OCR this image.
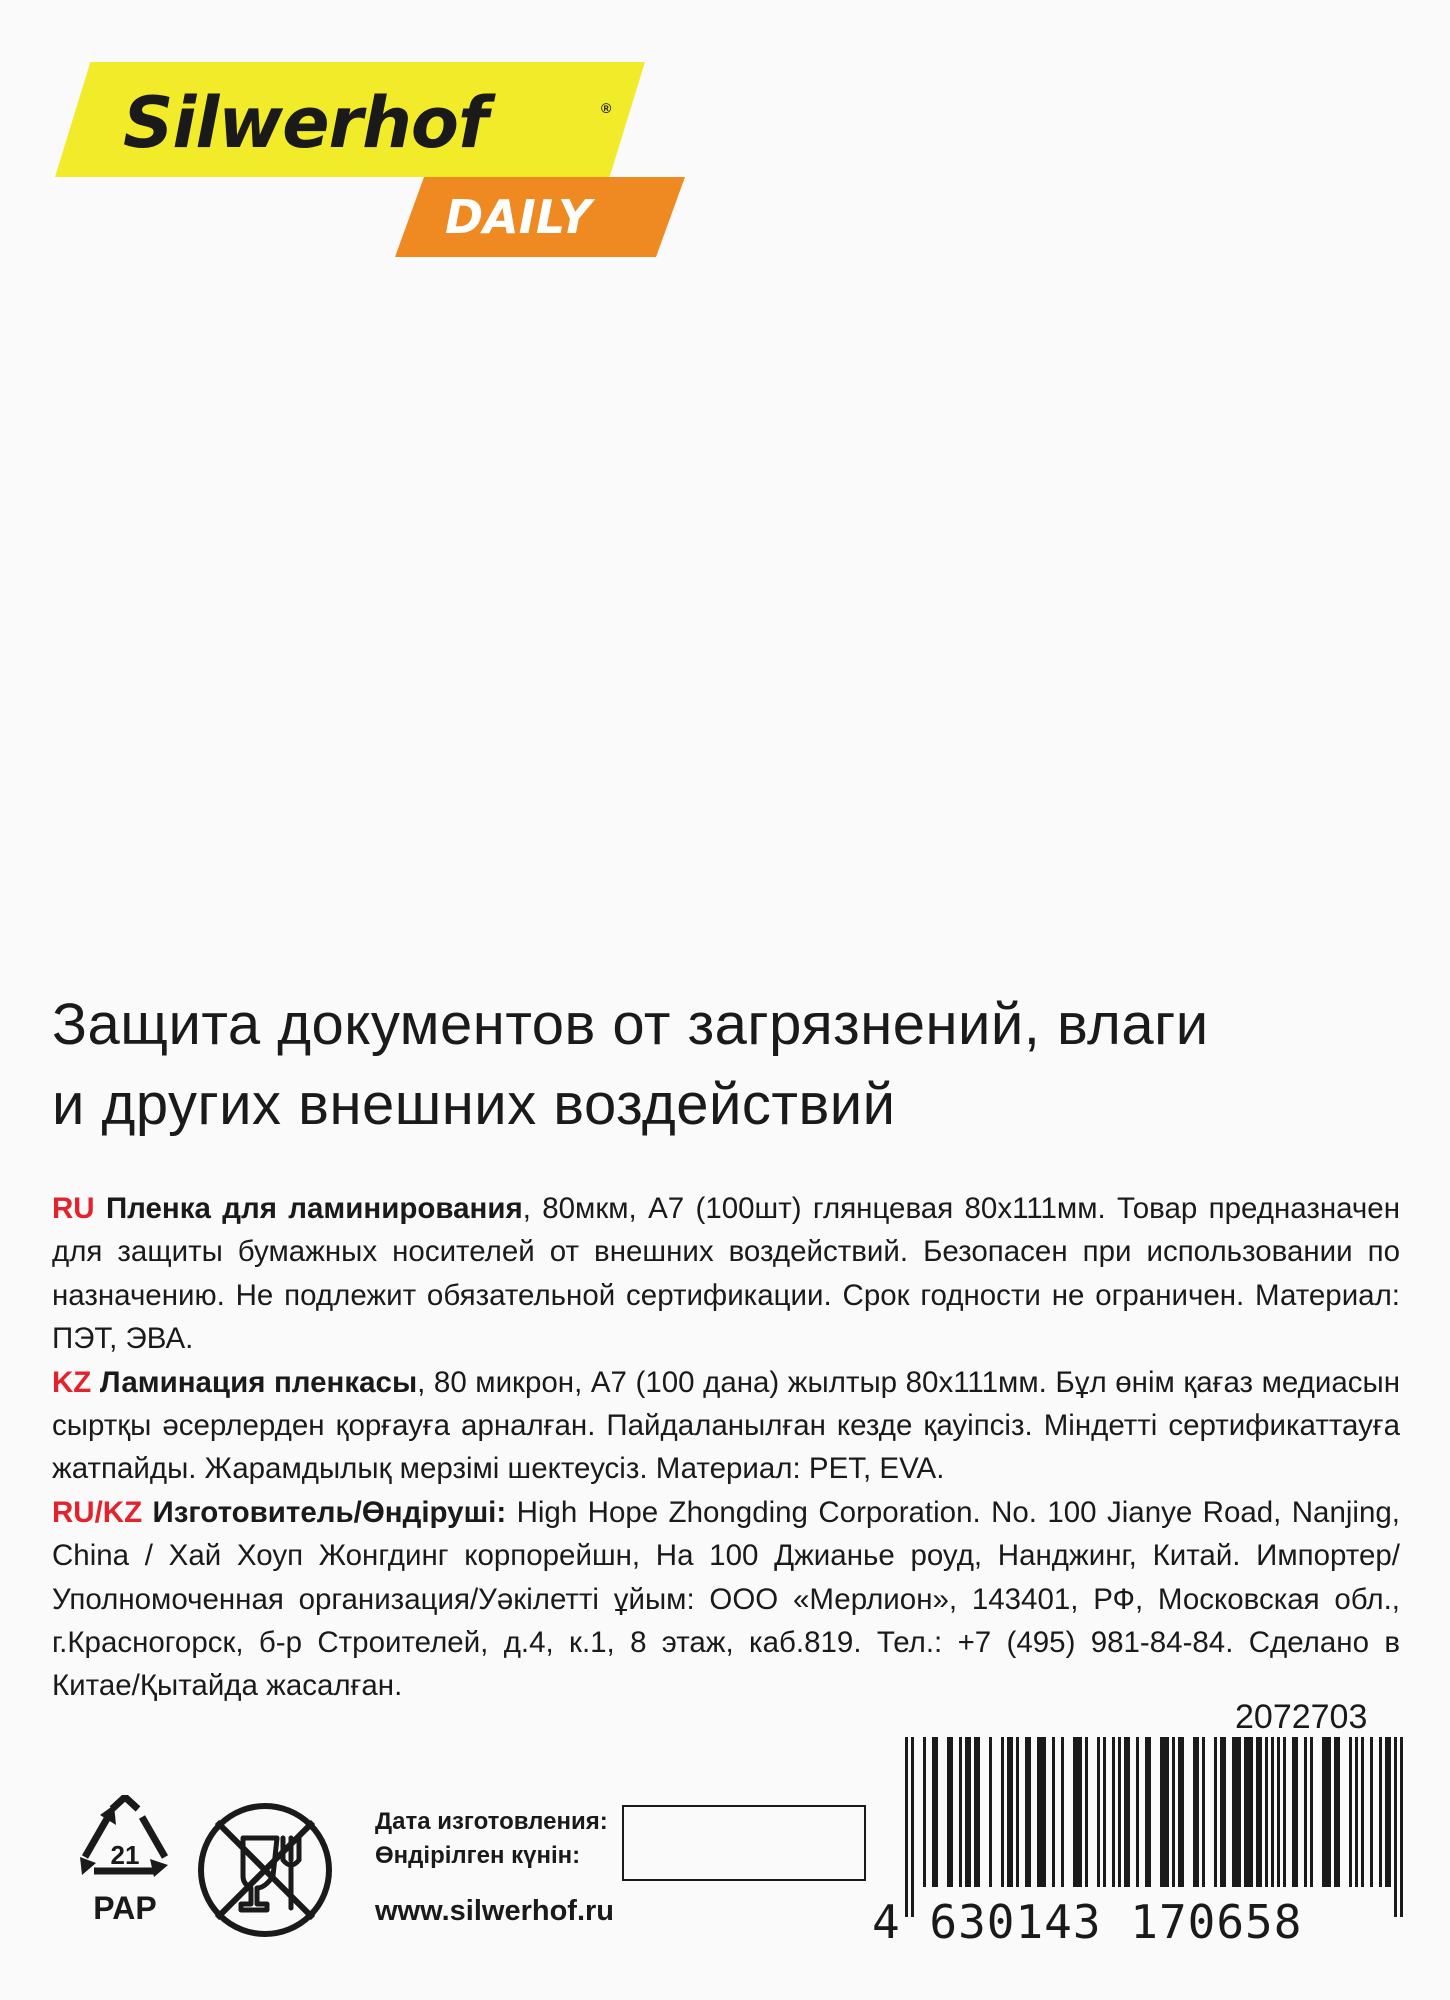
Silwerhof	®
DAILY
Защита документов от загрязнений, влаги
и других внешних воздействий

RU Пленка для ламинирования, 80мкм, А7 (100шт) глянцевая 80х111мм. Товар предназначен для защиты бумажных носителей от внешних воздействий. Безопасен при использовании по назначению. Не подлежит обязательной сертификации. Срок годности не ограничен. Материал: ПЭТ, ЭВА.

KZ Ламинация пленкасы, 80 микрон, А7 (100 дана) жылтыр 80х111мм. Бұл өнім қағаз медиасын сыртқы әсерлерден қорғауға арналған. Пайдаланылған кезде қауіпсіз. Міндетті сертификаттауға жатпайды. Жарамдылық мерзімі шектеусіз. Материал: PET, EVA.

RU/KZ Изготовитель/Өндіруші: High Hope Zhongding Corporation. No. 100 Jianye Road, Nanjing, China / Хай Хоуп Жонгдинг корпорейшн, На 100 Джианье роуд, Нанджинг, Китай. Импортер/Уполномоченная организация/Уәкілетті ұйым: ООО «Мерлион», 143401, РФ, Московская обл., г.Красногорск, б-р Строителей, д.4, к.1, 8 этаж, каб.819. Тел.: +7 (495) 981-84-84. Сделано в Китае/Қытайда жасалған.

2072703
21
PAP
Дата изготовления:
Өндірілген күнін:
www.silwerhof.ru	4 630143 170658
